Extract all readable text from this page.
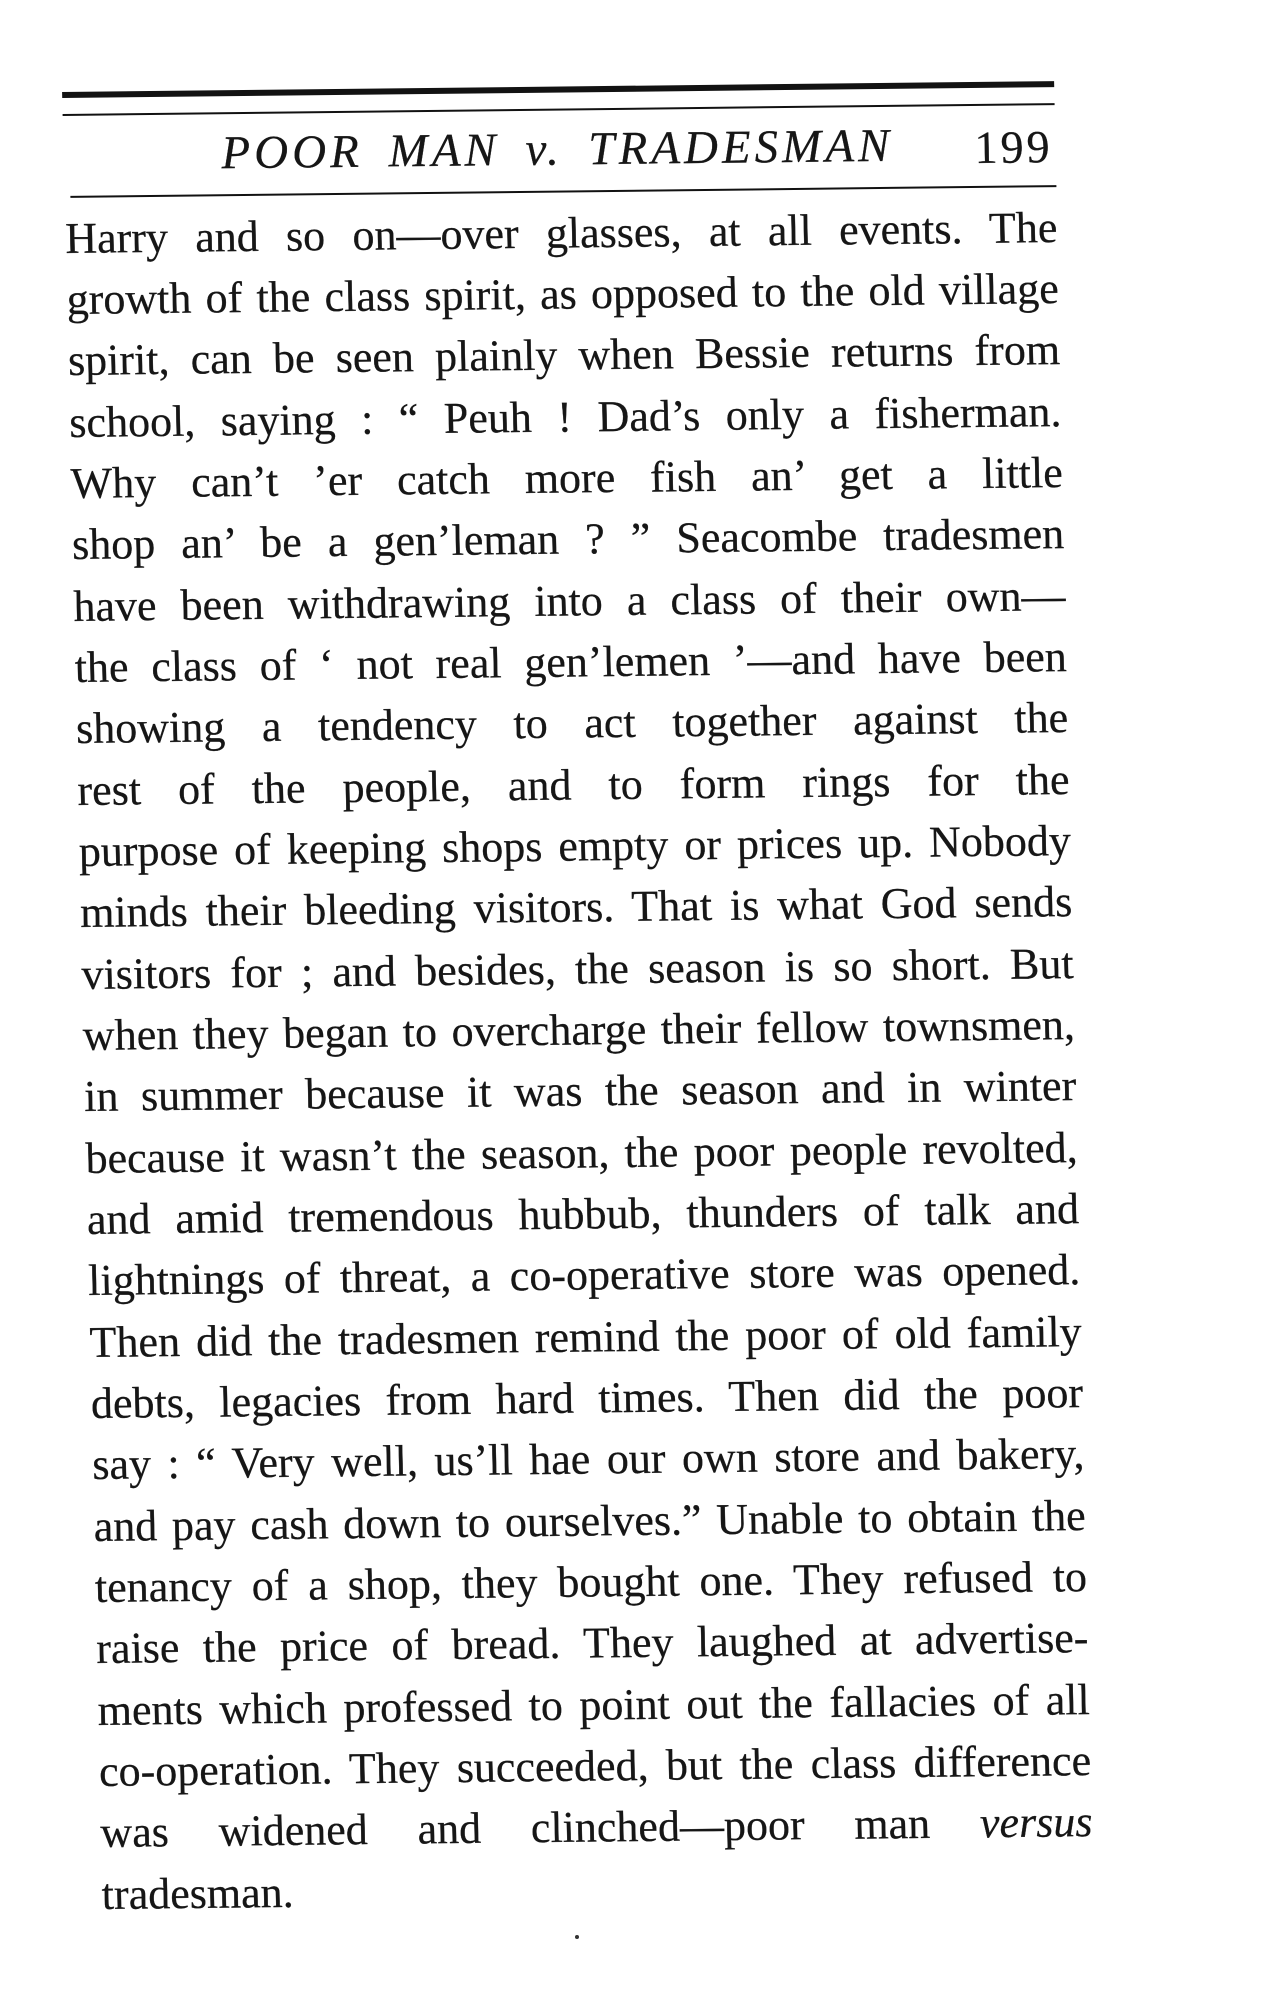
POOR MAN v. TRADESMAN 199
Harry and so on—over glasses, at all events. The
growth of the class spirit, as opposed to the old village
spirit, can be seen plainly when Bessie returns from
school, saying : “ Peuh ! Dad’s only a fisherman.
Why can’t ’er catch more fish an’ get a little
shop an’ be a gen’leman ? ” Seacombe tradesmen
have been withdrawing into a class of their own—
the class of ‘ not real gen’lemen ’—and have been
showing a tendency to act together against the
rest of the people, and to form rings for the
purpose of keeping shops empty or prices up. Nobody
minds their bleeding visitors. That is what God sends
visitors for ; and besides, the season is so short. But
when they began to overcharge their fellow townsmen,
in summer because it was the season and in winter
because it wasn’t the season, the poor people revolted,
and amid tremendous hubbub, thunders of talk and
lightnings of threat, a co-operative store was opened.
Then did the tradesmen remind the poor of old family
debts, legacies from hard times. Then did the poor
say : “ Very well, us’ll hae our own store and bakery,
and pay cash down to ourselves.” Unable to obtain the
tenancy of a shop, they bought one. They refused to
raise the price of bread. They laughed at advertise-
ments which professed to point out the fallacies of all
co-operation. They succeeded, but the class difference
was widened and clinched—poor man versus tradesman.
